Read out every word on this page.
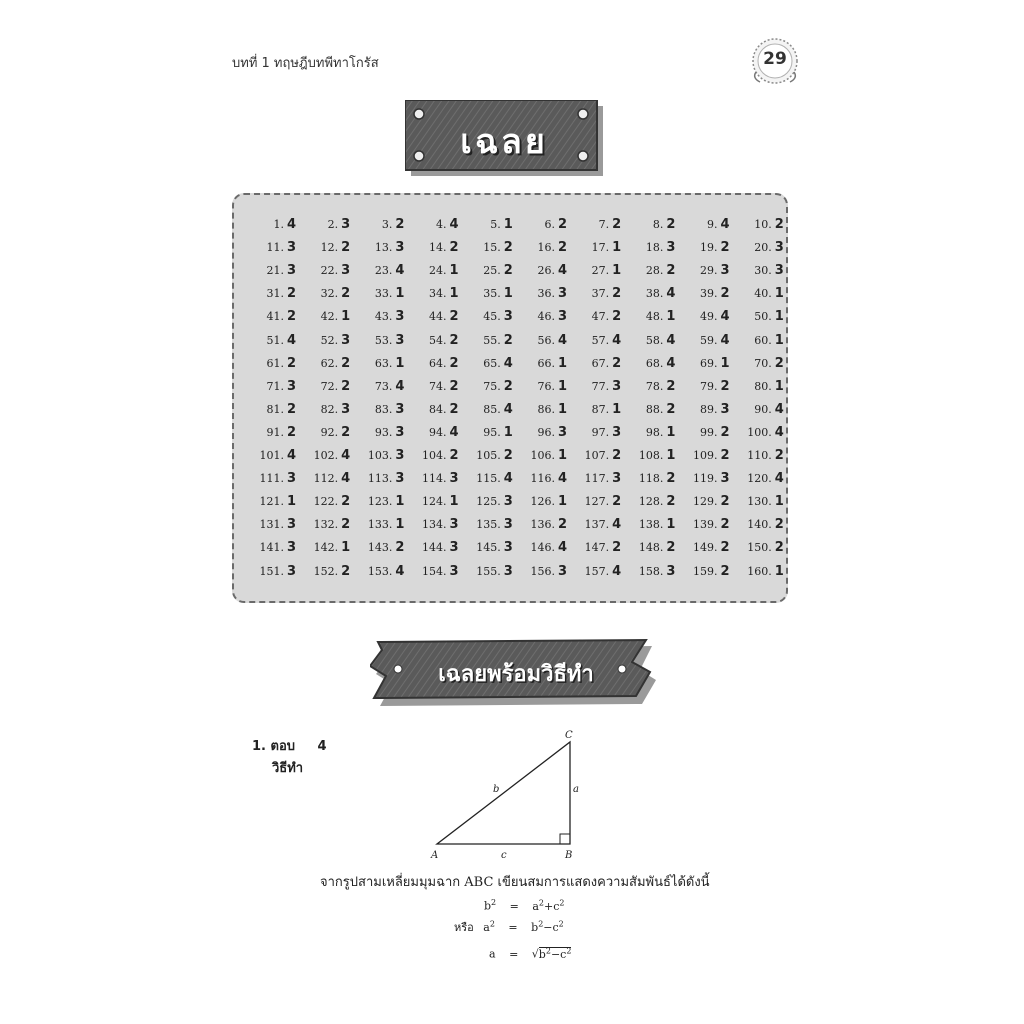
บทที่ 1 ทฤษฎีบทพีทาโกรัส	29
เฉลย
1. 4	2. 3	3. 2	4. 4	5. 1	6. 2	7. 2	8. 2	9. 4	10. 2
11. 3	12. 2	13. 3	14. 2	15. 2	16. 2	17. 1	18. 3	19. 2	20. 3
21. 3	22. 3	23. 4	24. 1	25. 2	26. 4	27. 1	28. 2	29. 3	30. 3
31. 2	32. 2	33. 1	34. 1	35. 1	36. 3	37. 2	38. 4	39. 2	40. 1
41. 2	42. 1	43. 3	44. 2	45. 3	46. 3	47. 2	48. 1	49. 4	50. 1
51. 4	52. 3	53. 3	54. 2	55. 2	56. 4	57. 4	58. 4	59. 4	60. 1
61. 2	62. 2	63. 1	64. 2	65. 4	66. 1	67. 2	68. 4	69. 1	70. 2
71. 3	72. 2	73. 4	74. 2	75. 2	76. 1	77. 3	78. 2	79. 2	80. 1
81. 2	82. 3	83. 3	84. 2	85. 4	86. 1	87. 1	88. 2	89. 3	90. 4
91. 2	92. 2	93. 3	94. 4	95. 1	96. 3	97. 3	98. 1	99. 2	100. 4
101. 4	102. 4	103. 3	104. 2	105. 2	106. 1	107. 2	108. 1	109. 2	110. 2
111. 3	112. 4	113. 3	114. 3	115. 4	116. 4	117. 3	118. 2	119. 3	120. 4
121. 1	122. 2	123. 1	124. 1	125. 3	126. 1	127. 2	128. 2	129. 2	130. 1
131. 3	132. 2	133. 1	134. 3	135. 3	136. 2	137. 4	138. 1	139. 2	140. 2
141. 3	142. 1	143. 2	144. 3	145. 3	146. 4	147. 2	148. 2	149. 2	150. 2
151. 3	152. 2	153. 4	154. 3	155. 3	156. 3	157. 4	158. 3	159. 2	160. 1
เฉลยพร้อมวิธีทำ
1. ตอบ 4
วิธีทำ
C
A	B
a
b
c
จากรูปสามเหลี่ยมมุมฉาก ABC เขียนสมการแสดงความสัมพันธ์ได้ดังนี้
$b^2 = a^2+c^2$
หรือ $a^2 = b^2-c^2$
$a = √b^2-c^2$
